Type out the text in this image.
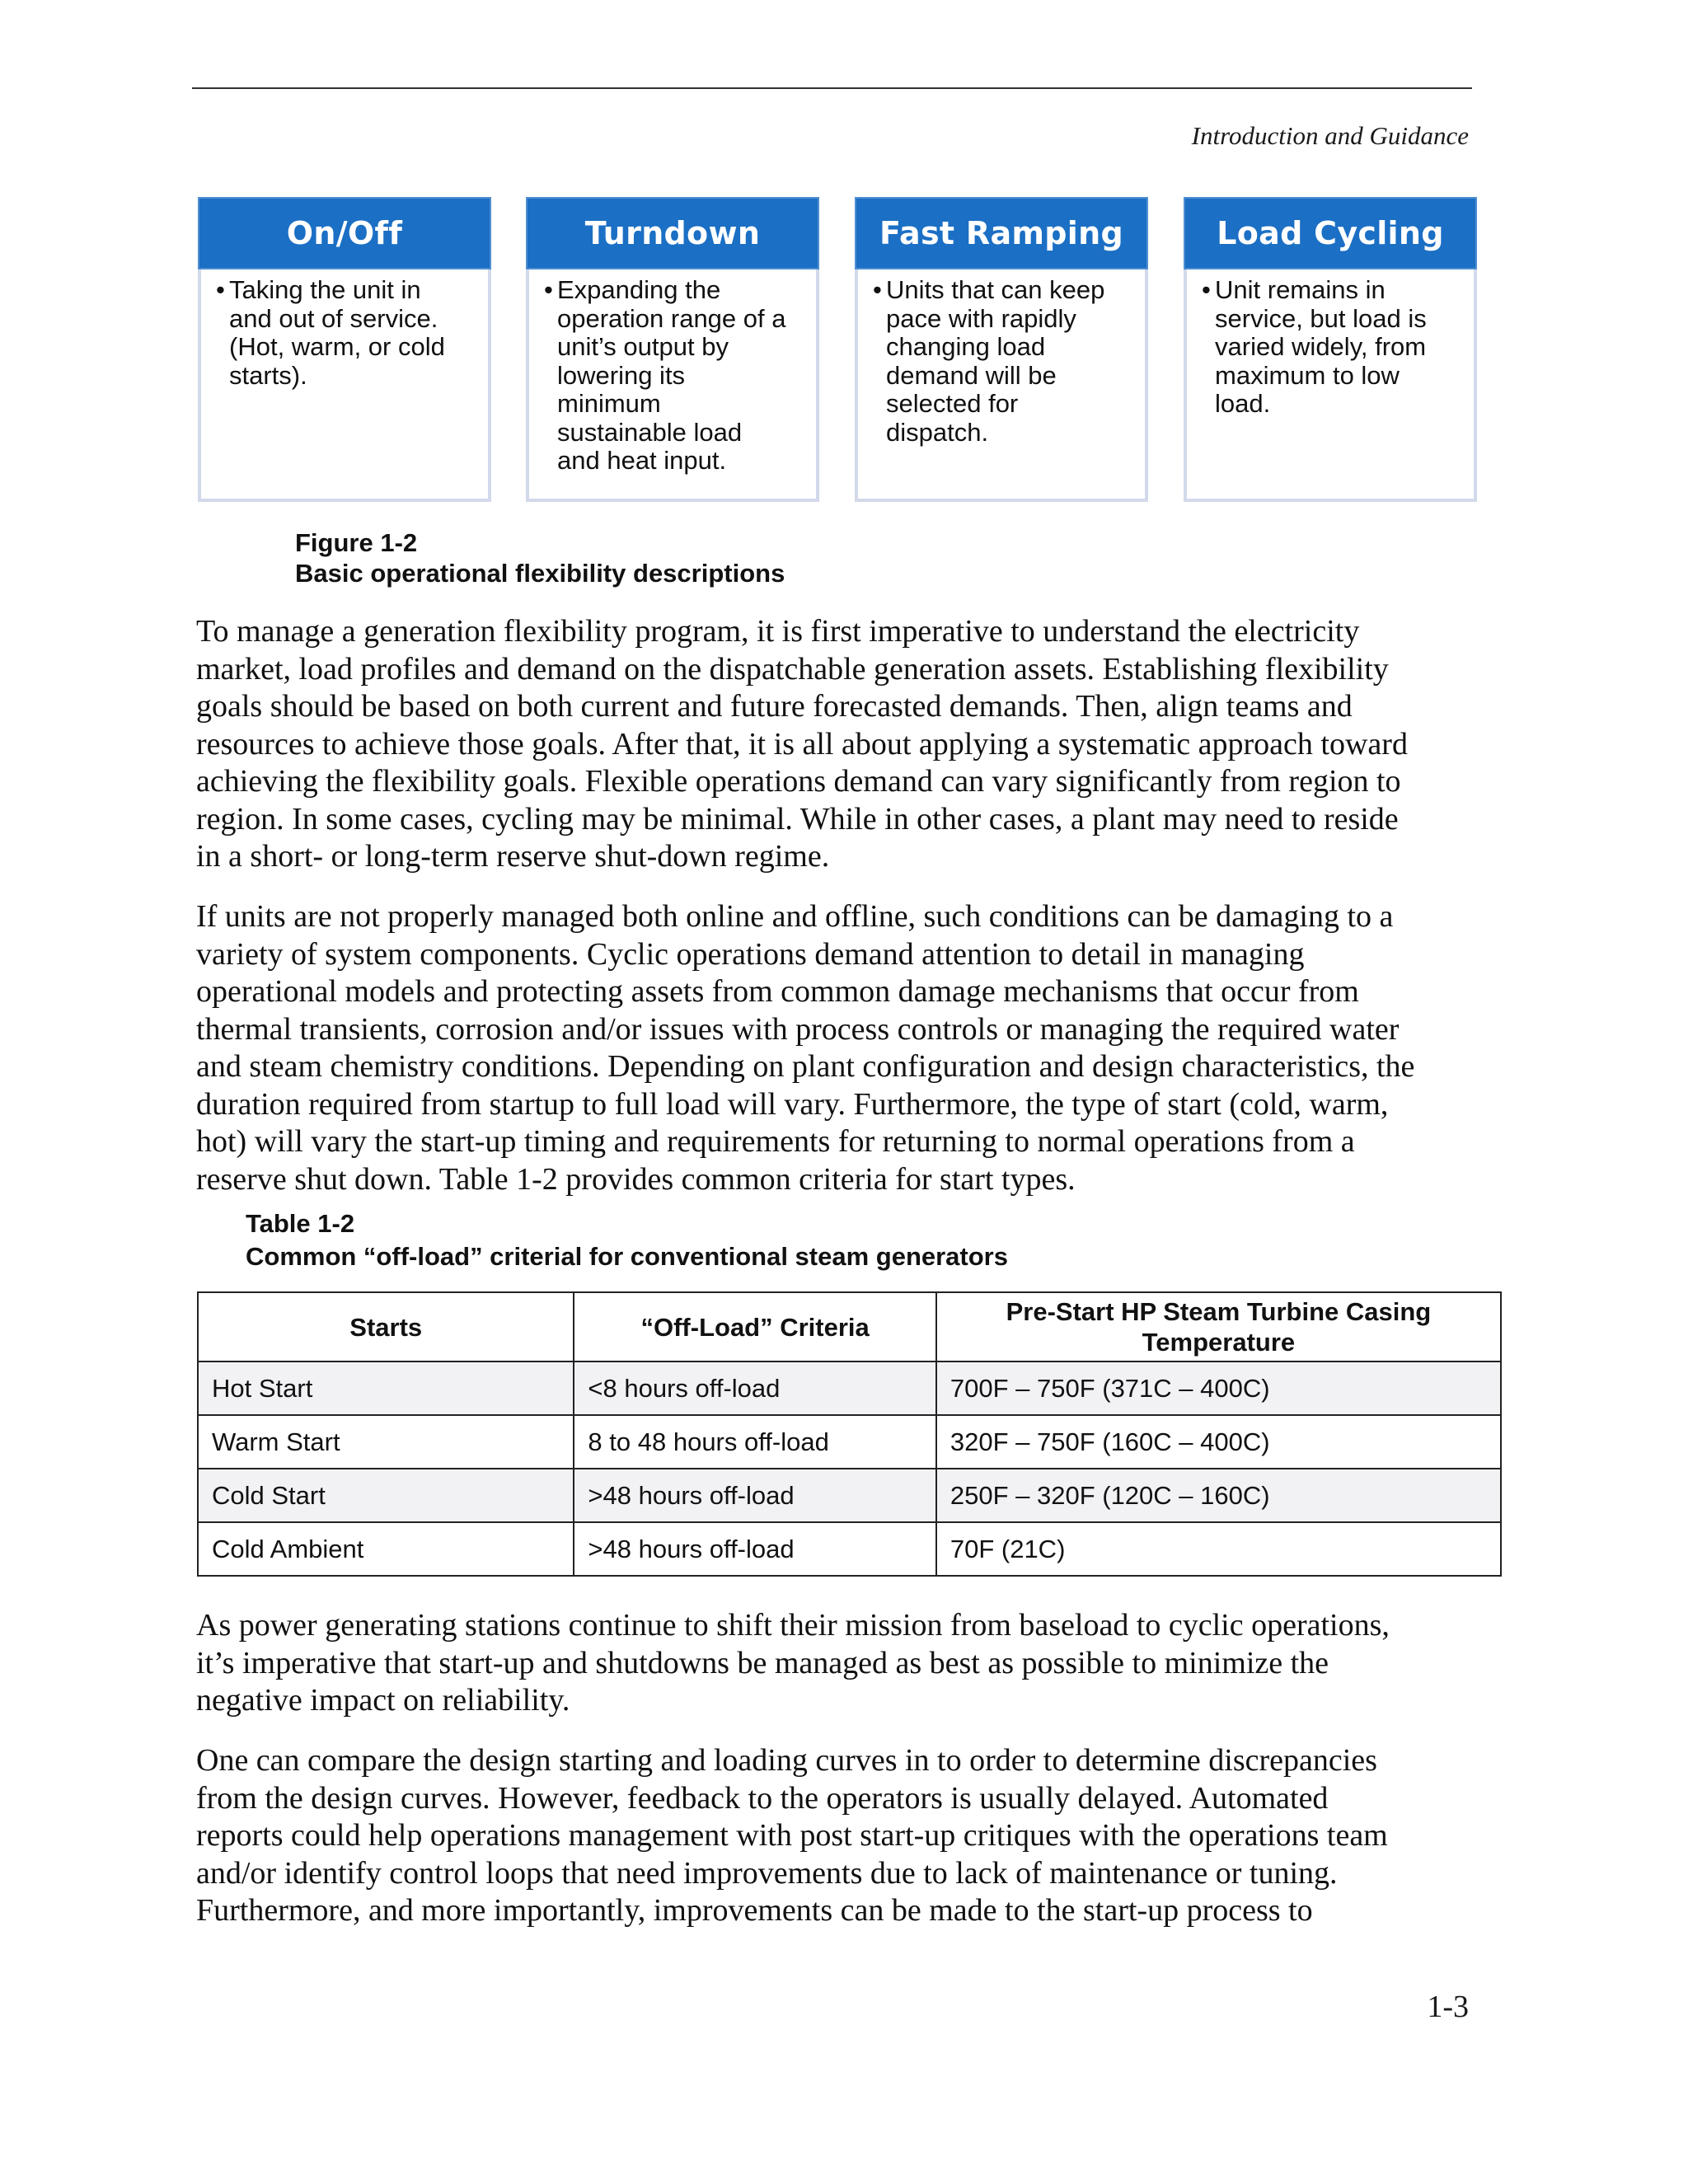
Introduction and Guidance
On/Off
• Taking the unit in
and out of service.
(Hot, warm, or cold
starts).
Turndown
• Expanding the
operation range of a
unit’s output by
lowering its
minimum
sustainable load
and heat input.
Fast Ramping
• Units that can keep
pace with rapidly
changing load
demand will be
selected for
dispatch.
Load Cycling
• Unit remains in
service, but load is
varied widely, from
maximum to low
load.
Figure 1-2
Basic operational flexibility descriptions

To manage a generation flexibility program, it is first imperative to understand the electricity
market, load profiles and demand on the dispatchable generation assets. Establishing flexibility
goals should be based on both current and future forecasted demands. Then, align teams and
resources to achieve those goals. After that, it is all about applying a systematic approach toward
achieving the flexibility goals. Flexible operations demand can vary significantly from region to
region. In some cases, cycling may be minimal. While in other cases, a plant may need to reside
in a short- or long-term reserve shut-down regime.

If units are not properly managed both online and offline, such conditions can be damaging to a
variety of system components. Cyclic operations demand attention to detail in managing
operational models and protecting assets from common damage mechanisms that occur from
thermal transients, corrosion and/or issues with process controls or managing the required water
and steam chemistry conditions. Depending on plant configuration and design characteristics, the
duration required from startup to full load will vary. Furthermore, the type of start (cold, warm,
hot) will vary the start-up timing and requirements for returning to normal operations from a
reserve shut down. Table 1-2 provides common criteria for start types.

Table 1-2
Common “off-load” criterial for conventional steam generators
Starts	“Off-Load” Criteria	Pre-Start HP Steam Turbine Casing Temperature
Hot Start	<8 hours off-load	700F – 750F (371C – 400C)
Warm Start	8 to 48 hours off-load	320F – 750F (160C – 400C)
Cold Start	>48 hours off-load	250F – 320F (120C – 160C)
Cold Ambient	>48 hours off-load	70F (21C)

As power generating stations continue to shift their mission from baseload to cyclic operations,
it’s imperative that start-up and shutdowns be managed as best as possible to minimize the
negative impact on reliability.

One can compare the design starting and loading curves in to order to determine discrepancies
from the design curves. However, feedback to the operators is usually delayed. Automated
reports could help operations management with post start-up critiques with the operations team
and/or identify control loops that need improvements due to lack of maintenance or tuning.
Furthermore, and more importantly, improvements can be made to the start-up process to

1-3
